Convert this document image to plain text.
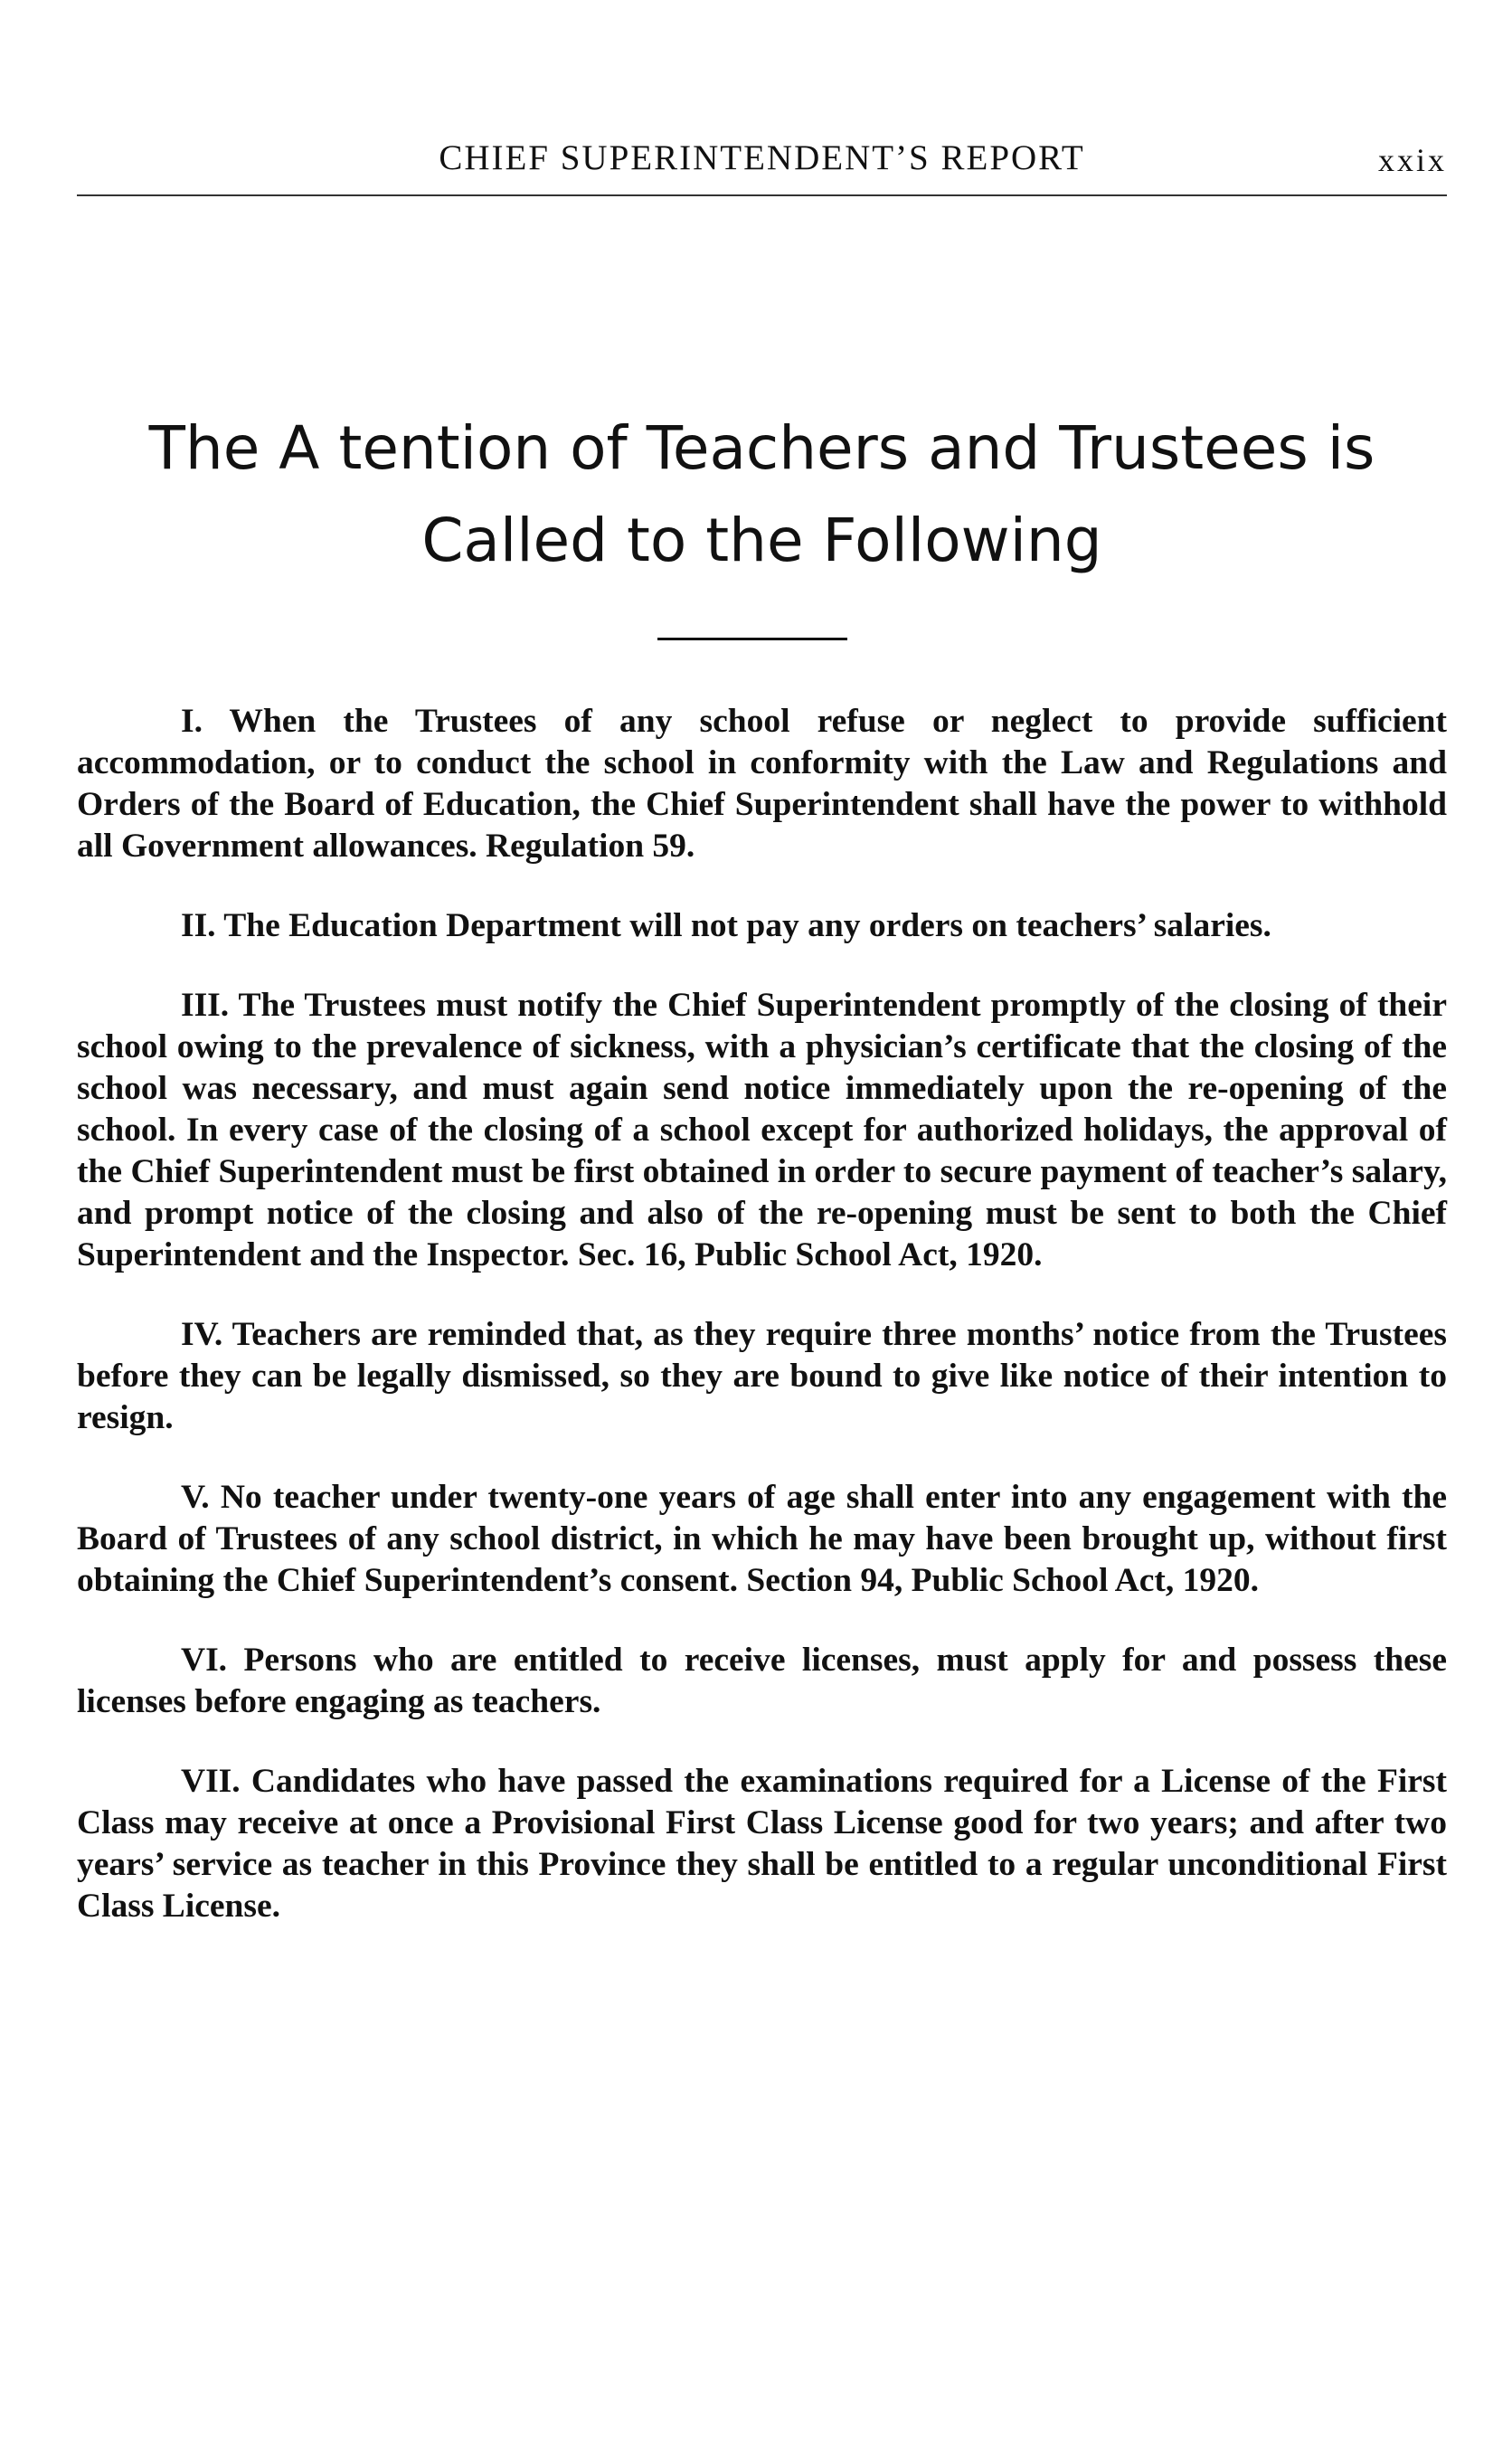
CHIEF SUPERINTENDENT’S REPORT	xxix
The A tention of Teachers and Trustees is
Called to the Following

I. When the Trustees of any school refuse or neglect to provide sufficient accommodation, or to conduct the school in conformity with the Law and Regulations and Orders of the Board of Education, the Chief Superintendent shall have the power to withhold all Government allowances. Regulation 59.

II. The Education Department will not pay any orders on teachers’ salaries.

III. The Trustees must notify the Chief Superintendent promptly of the closing of their school owing to the prevalence of sickness, with a physician’s certificate that the closing of the school was necessary, and must again send notice immediately upon the re-opening of the school. In every case of the closing of a school except for authorized holidays, the approval of the Chief Superintendent must be first obtained in order to secure payment of teacher’s salary, and prompt notice of the closing and also of the re-opening must be sent to both the Chief Superintendent and the Inspector. Sec. 16, Public School Act, 1920.

IV. Teachers are reminded that, as they require three months’ notice from the Trustees before they can be legally dismissed, so they are bound to give like notice of their intention to resign.

V. No teacher under twenty-one years of age shall enter into any engagement with the Board of Trustees of any school district, in which he may have been brought up, without first obtaining the Chief Superintendent’s consent. Section 94, Public School Act, 1920.

VI. Persons who are entitled to receive licenses, must apply for and possess these licenses before engaging as teachers.

VII. Candidates who have passed the examinations required for a License of the First Class may receive at once a Provisional First Class License good for two years; and after two years’ service as teacher in this Province they shall be entitled to a regular unconditional First Class License.
